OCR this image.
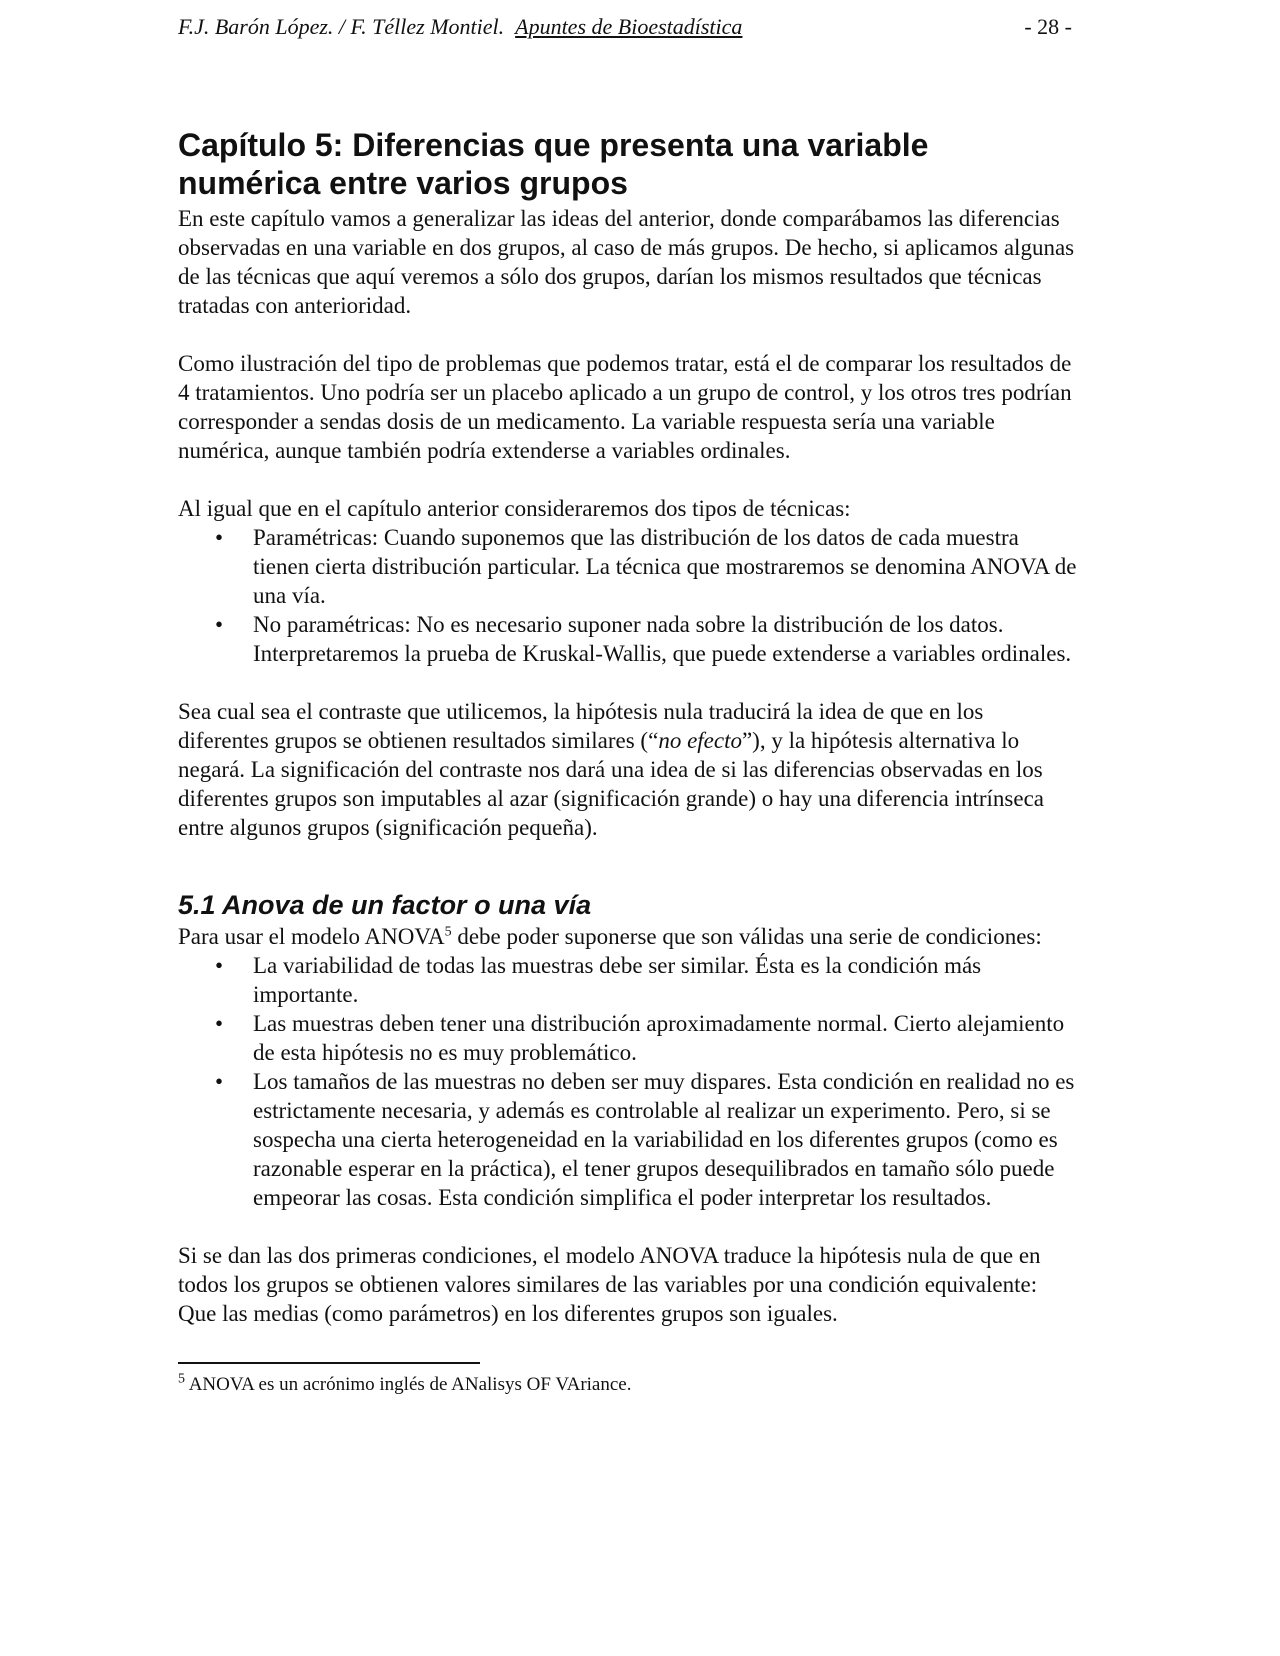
F.J. Barón López. / F. Téllez Montiel. Apuntes de Bioestadística	- 28 -
Capítulo 5: Diferencias que presenta una variable
numérica entre varios grupos

En este capítulo vamos a generalizar las ideas del anterior, donde comparábamos las diferencias observadas en una variable en dos grupos, al caso de más grupos. De hecho, si aplicamos algunas de las técnicas que aquí veremos a sólo dos grupos, darían los mismos resultados que técnicas tratadas con anterioridad.

Como ilustración del tipo de problemas que podemos tratar, está el de comparar los resultados de 4 tratamientos. Uno podría ser un placebo aplicado a un grupo de control, y los otros tres podrían corresponder a sendas dosis de un medicamento. La variable respuesta sería una variable numérica, aunque también podría extenderse a variables ordinales.

Al igual que en el capítulo anterior consideraremos dos tipos de técnicas:

• Paramétricas: Cuando suponemos que las distribución de los datos de cada muestra tienen cierta distribución particular. La técnica que mostraremos se denomina ANOVA de una vía.
• No paramétricas: No es necesario suponer nada sobre la distribución de los datos. Interpretaremos la prueba de Kruskal-Wallis, que puede extenderse a variables ordinales.

Sea cual sea el contraste que utilicemos, la hipótesis nula traducirá la idea de que en los diferentes grupos se obtienen resultados similares (“no efecto”), y la hipótesis alternativa lo negará. La significación del contraste nos dará una idea de si las diferencias observadas en los diferentes grupos son imputables al azar (significación grande) o hay una diferencia intrínseca entre algunos grupos (significación pequeña).

5.1 Anova de un factor o una vía

Para usar el modelo ANOVA$^5$ debe poder suponerse que son válidas una serie de condiciones:

• La variabilidad de todas las muestras debe ser similar. Ésta es la condición más importante.
• Las muestras deben tener una distribución aproximadamente normal. Cierto alejamiento de esta hipótesis no es muy problemático.
• Los tamaños de las muestras no deben ser muy dispares. Esta condición en realidad no es estrictamente necesaria, y además es controlable al realizar un experimento. Pero, si se sospecha una cierta heterogeneidad en la variabilidad en los diferentes grupos (como es razonable esperar en la práctica), el tener grupos desequilibrados en tamaño sólo puede empeorar las cosas. Esta condición simplifica el poder interpretar los resultados.

Si se dan las dos primeras condiciones, el modelo ANOVA traduce la hipótesis nula de que en todos los grupos se obtienen valores similares de las variables por una condición equivalente: Que las medias (como parámetros) en los diferentes grupos son iguales.

$^5$ ANOVA es un acrónimo inglés de ANalisys OF VAriance.
